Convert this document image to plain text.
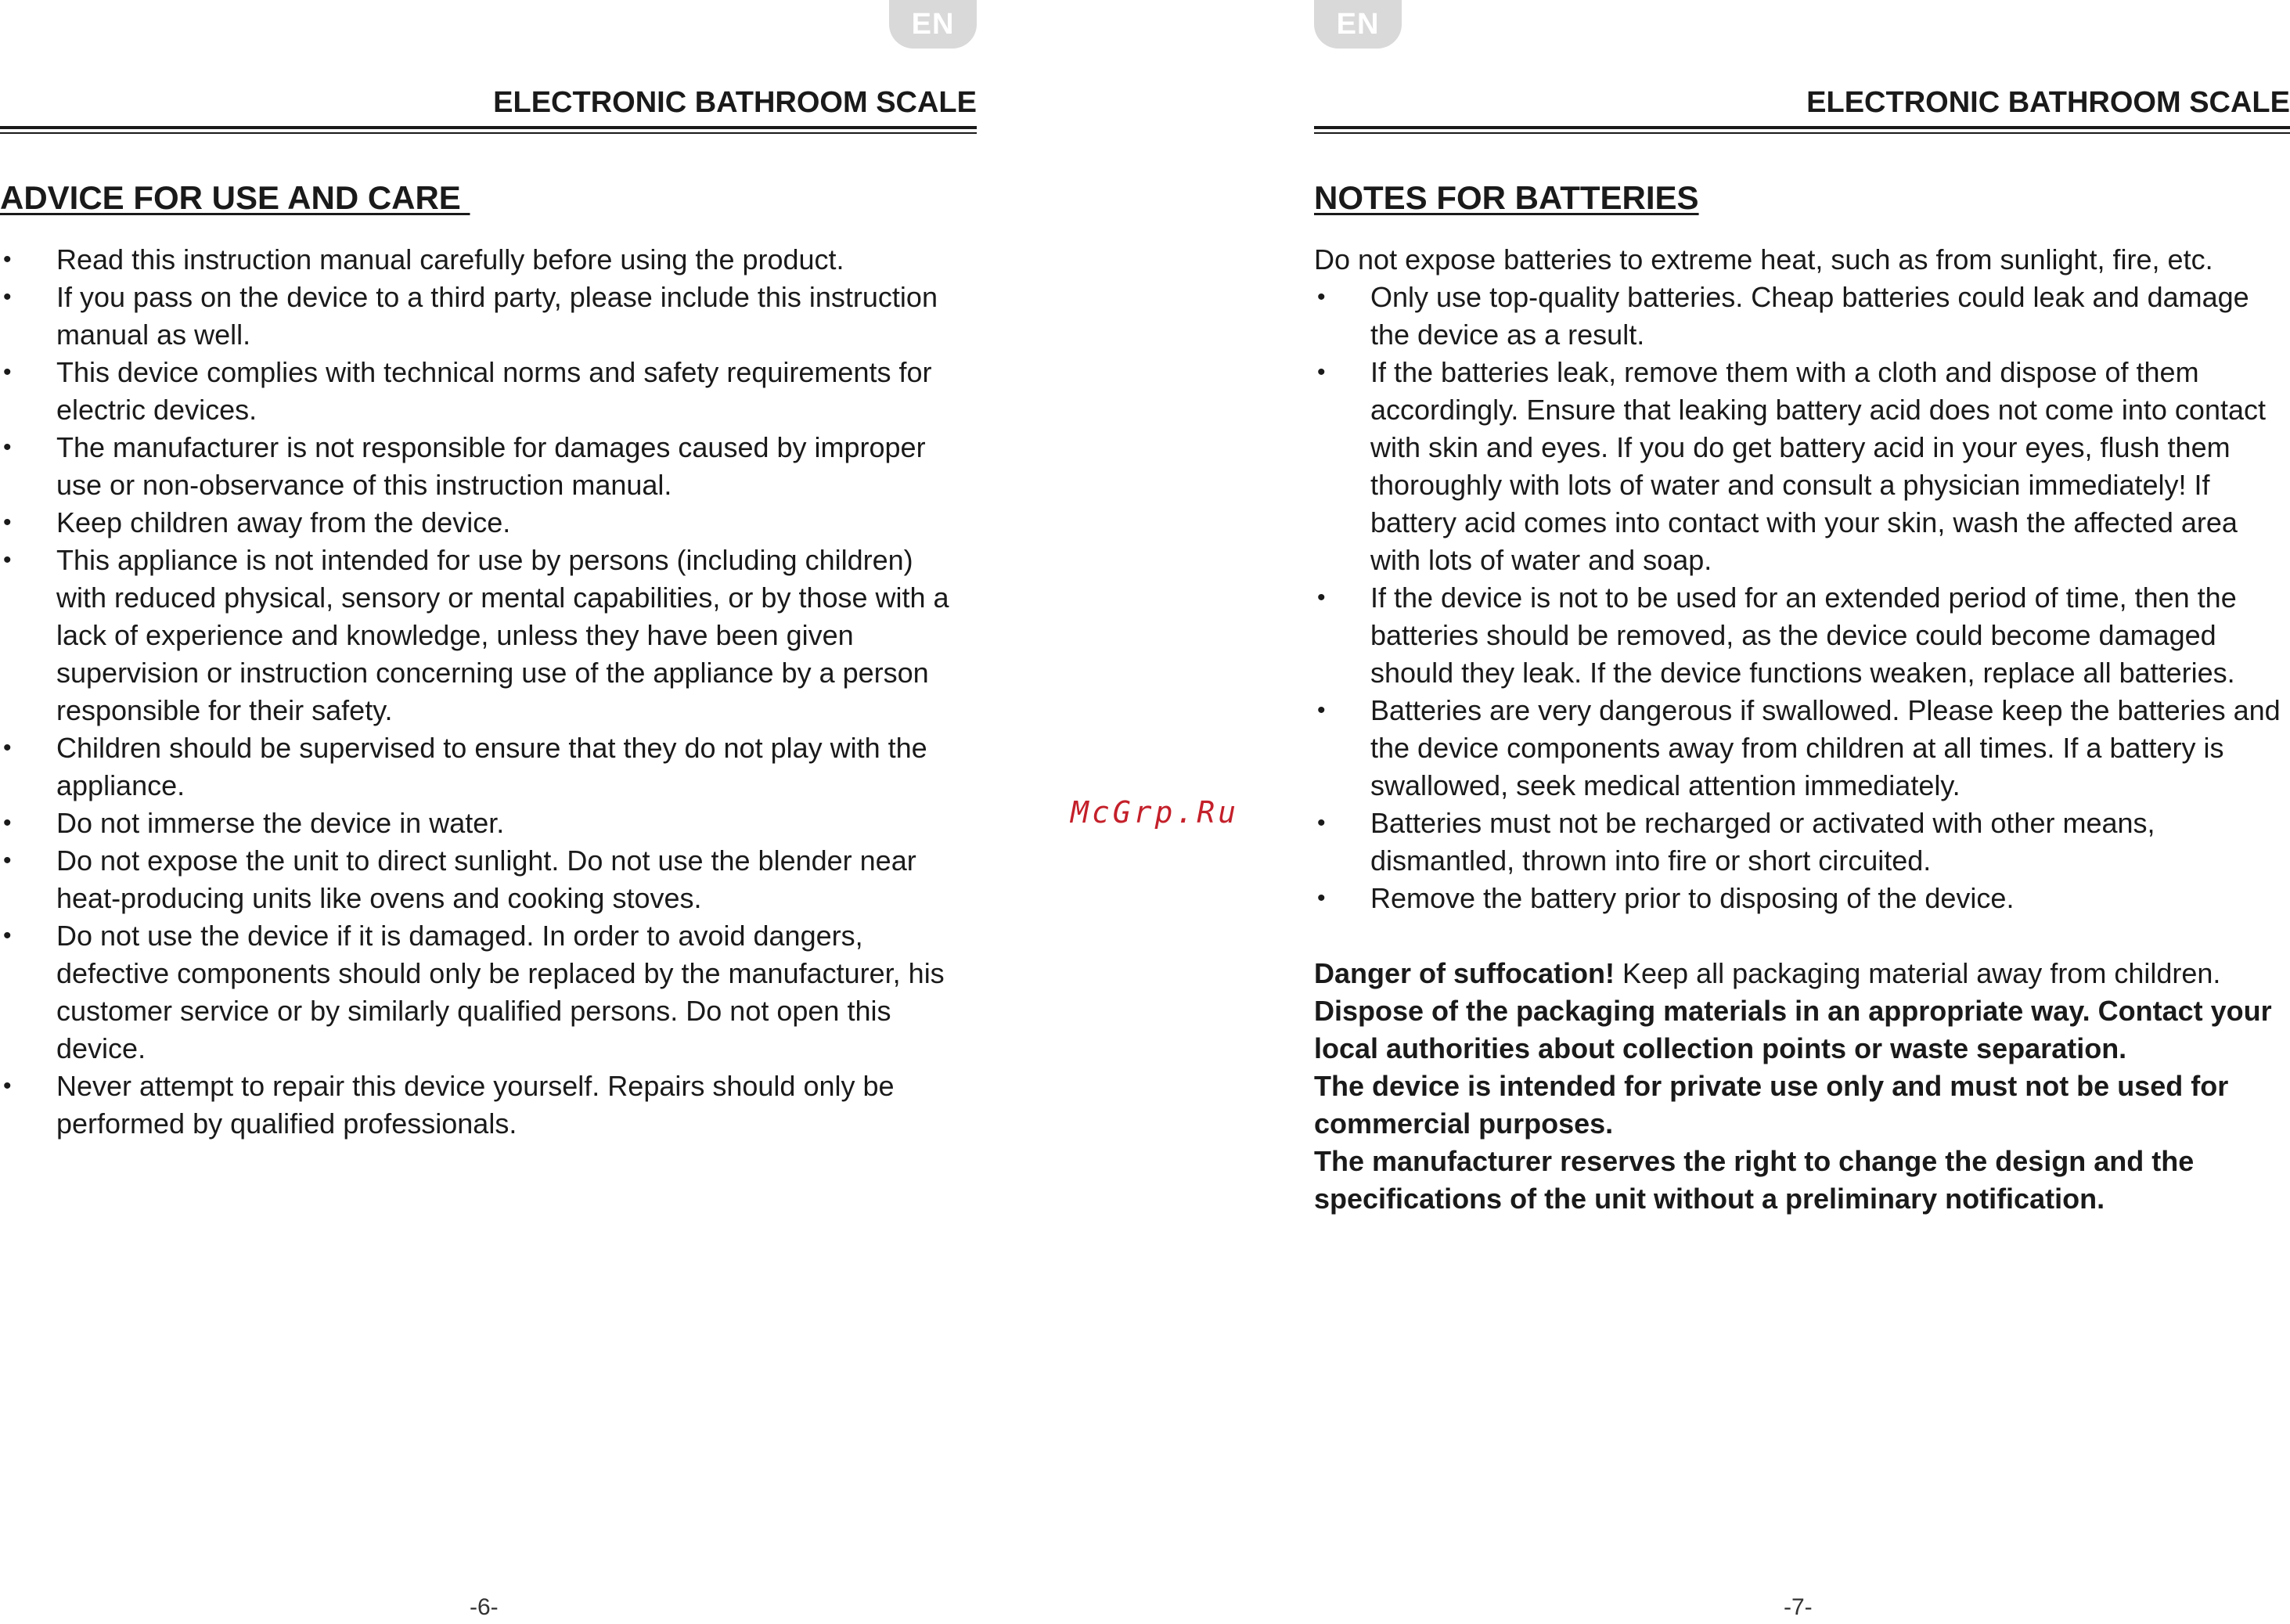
EN
ELECTRONIC BATHROOM SCALE
ADVICE FOR USE AND CARE
• Read this instruction manual carefully before using the product.
• If you pass on the device to a third party, please include this instruction manual as well.
• This device complies with technical norms and safety requirements for electric devices.
• The manufacturer is not responsible for damages caused by improper use or non-observance of this instruction manual.
• Keep children away from the device.
• This appliance is not intended for use by persons (including children) with reduced physical, sensory or mental capabilities, or by those with a lack of experience and knowledge, unless they have been given supervision or instruction concerning use of the appliance by a person responsible for their safety.
• Children should be supervised to ensure that they do not play with the appliance.
• Do not immerse the device in water.
• Do not expose the unit to direct sunlight. Do not use the blender near heat-producing units like ovens and cooking stoves.
• Do not use the device if it is damaged. In order to avoid dangers, defective components should only be replaced by the manufacturer, his customer service or by similarly qualified persons. Do not open this device.
• Never attempt to repair this device yourself. Repairs should only be performed by qualified professionals.
-6-
McGrp.Ru
EN
ELECTRONIC BATHROOM SCALE
NOTES FOR BATTERIES

Do not expose batteries to extreme heat, such as from sunlight, fire, etc.

• Only use top-quality batteries. Cheap batteries could leak and damage the device as a result.
• If the batteries leak, remove them with a cloth and dispose of them accordingly. Ensure that leaking battery acid does not come into contact with skin and eyes. If you do get battery acid in your eyes, flush them thoroughly with lots of water and consult a physician immediately! If battery acid comes into contact with your skin, wash the affected area with lots of water and soap.
• If the device is not to be used for an extended period of time, then the batteries should be removed, as the device could become damaged should they leak. If the device functions weaken, replace all batteries.
• Batteries are very dangerous if swallowed. Please keep the batteries and the device components away from children at all times. If a battery is swallowed, seek medical attention immediately.
• Batteries must not be recharged or activated with other means, dismantled, thrown into fire or short circuited.
• Remove the battery prior to disposing of the device.

Danger of suffocation! Keep all packaging material away from children.

Dispose of the packaging materials in an appropriate way. Contact your local authorities about collection points or waste separation.

The device is intended for private use only and must not be used for commercial purposes.

The manufacturer reserves the right to change the design and the specifications of the unit without a preliminary notification.

-7-
